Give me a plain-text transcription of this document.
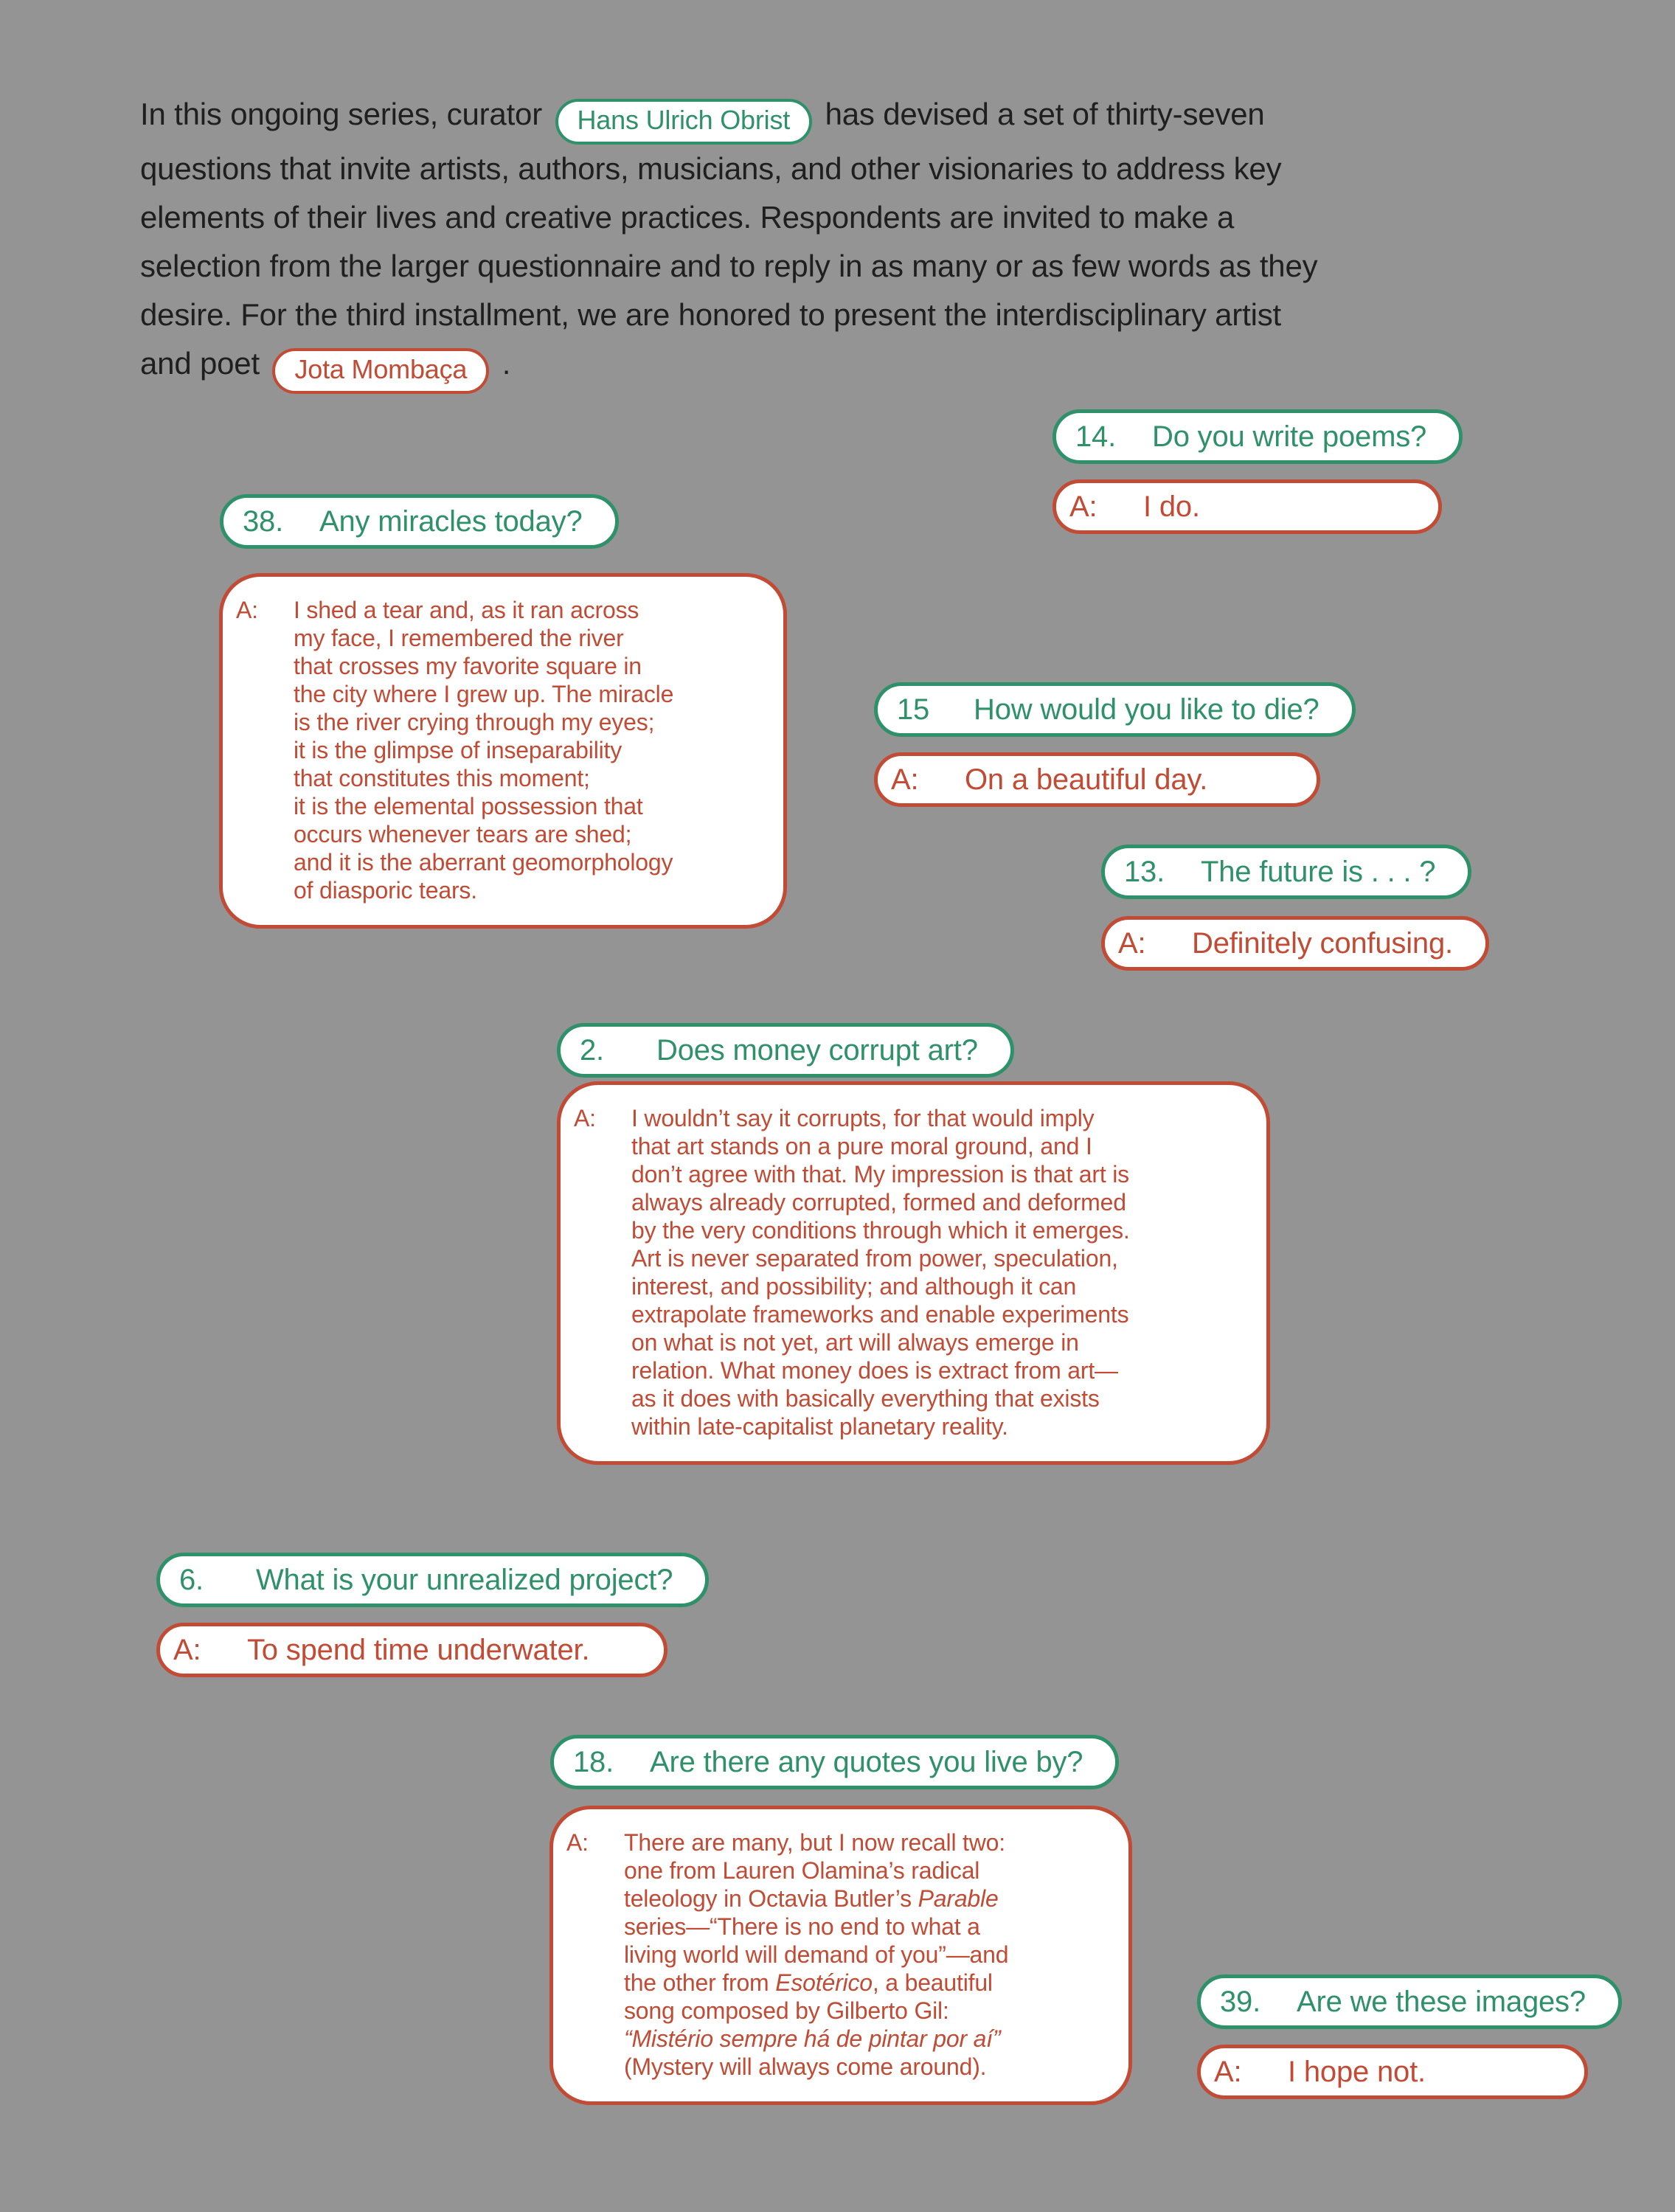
In this ongoing series, curator Hans Ulrich Obrist has devised a set of thirty-seven
questions that invite artists, authors, musicians, and other visionaries to address key
elements of their lives and creative practices. Respondents are invited to make a
selection from the larger questionnaire and to reply in as many or as few words as they
desire. For the third installment, we are honored to present the interdisciplinary artist
and poet Jota Mombaça .
14.	Do you write poems?
A:	I do.
38.	Any miracles today?
A:	I shed a tear and, as it ran across
my face, I remembered the river
that crosses my favorite square in
the city where I grew up. The miracle
is the river crying through my eyes;
it is the glimpse of inseparability
that constitutes this moment;
it is the elemental possession that
occurs whenever tears are shed;
and it is the aberrant geomorphology
of diasporic tears.
15	How would you like to die?
A:	On a beautiful day.
13.	The future is . . . ?
A:	Definitely confusing.
2.	Does money corrupt art?
A:	I wouldn’t say it corrupts, for that would imply
that art stands on a pure moral ground, and I
don’t agree with that. My impression is that art is
always already corrupted, formed and deformed
by the very conditions through which it emerges.
Art is never separated from power, speculation,
interest, and possibility; and although it can
extrapolate frameworks and enable experiments
on what is not yet, art will always emerge in
relation. What money does is extract from art—
as it does with basically everything that exists
within late-capitalist planetary reality.
6.	What is your unrealized project?
A:	To spend time underwater.
18.	Are there any quotes you live by?
A:	There are many, but I now recall two:
one from Lauren Olamina’s radical
teleology in Octavia Butler’s Parable
series—“There is no end to what a
living world will demand of you”—and
the other from Esotérico, a beautiful
song composed by Gilberto Gil:
“Mistério sempre há de pintar por aí”
(Mystery will always come around).
39.	Are we these images?
A:	I hope not.
